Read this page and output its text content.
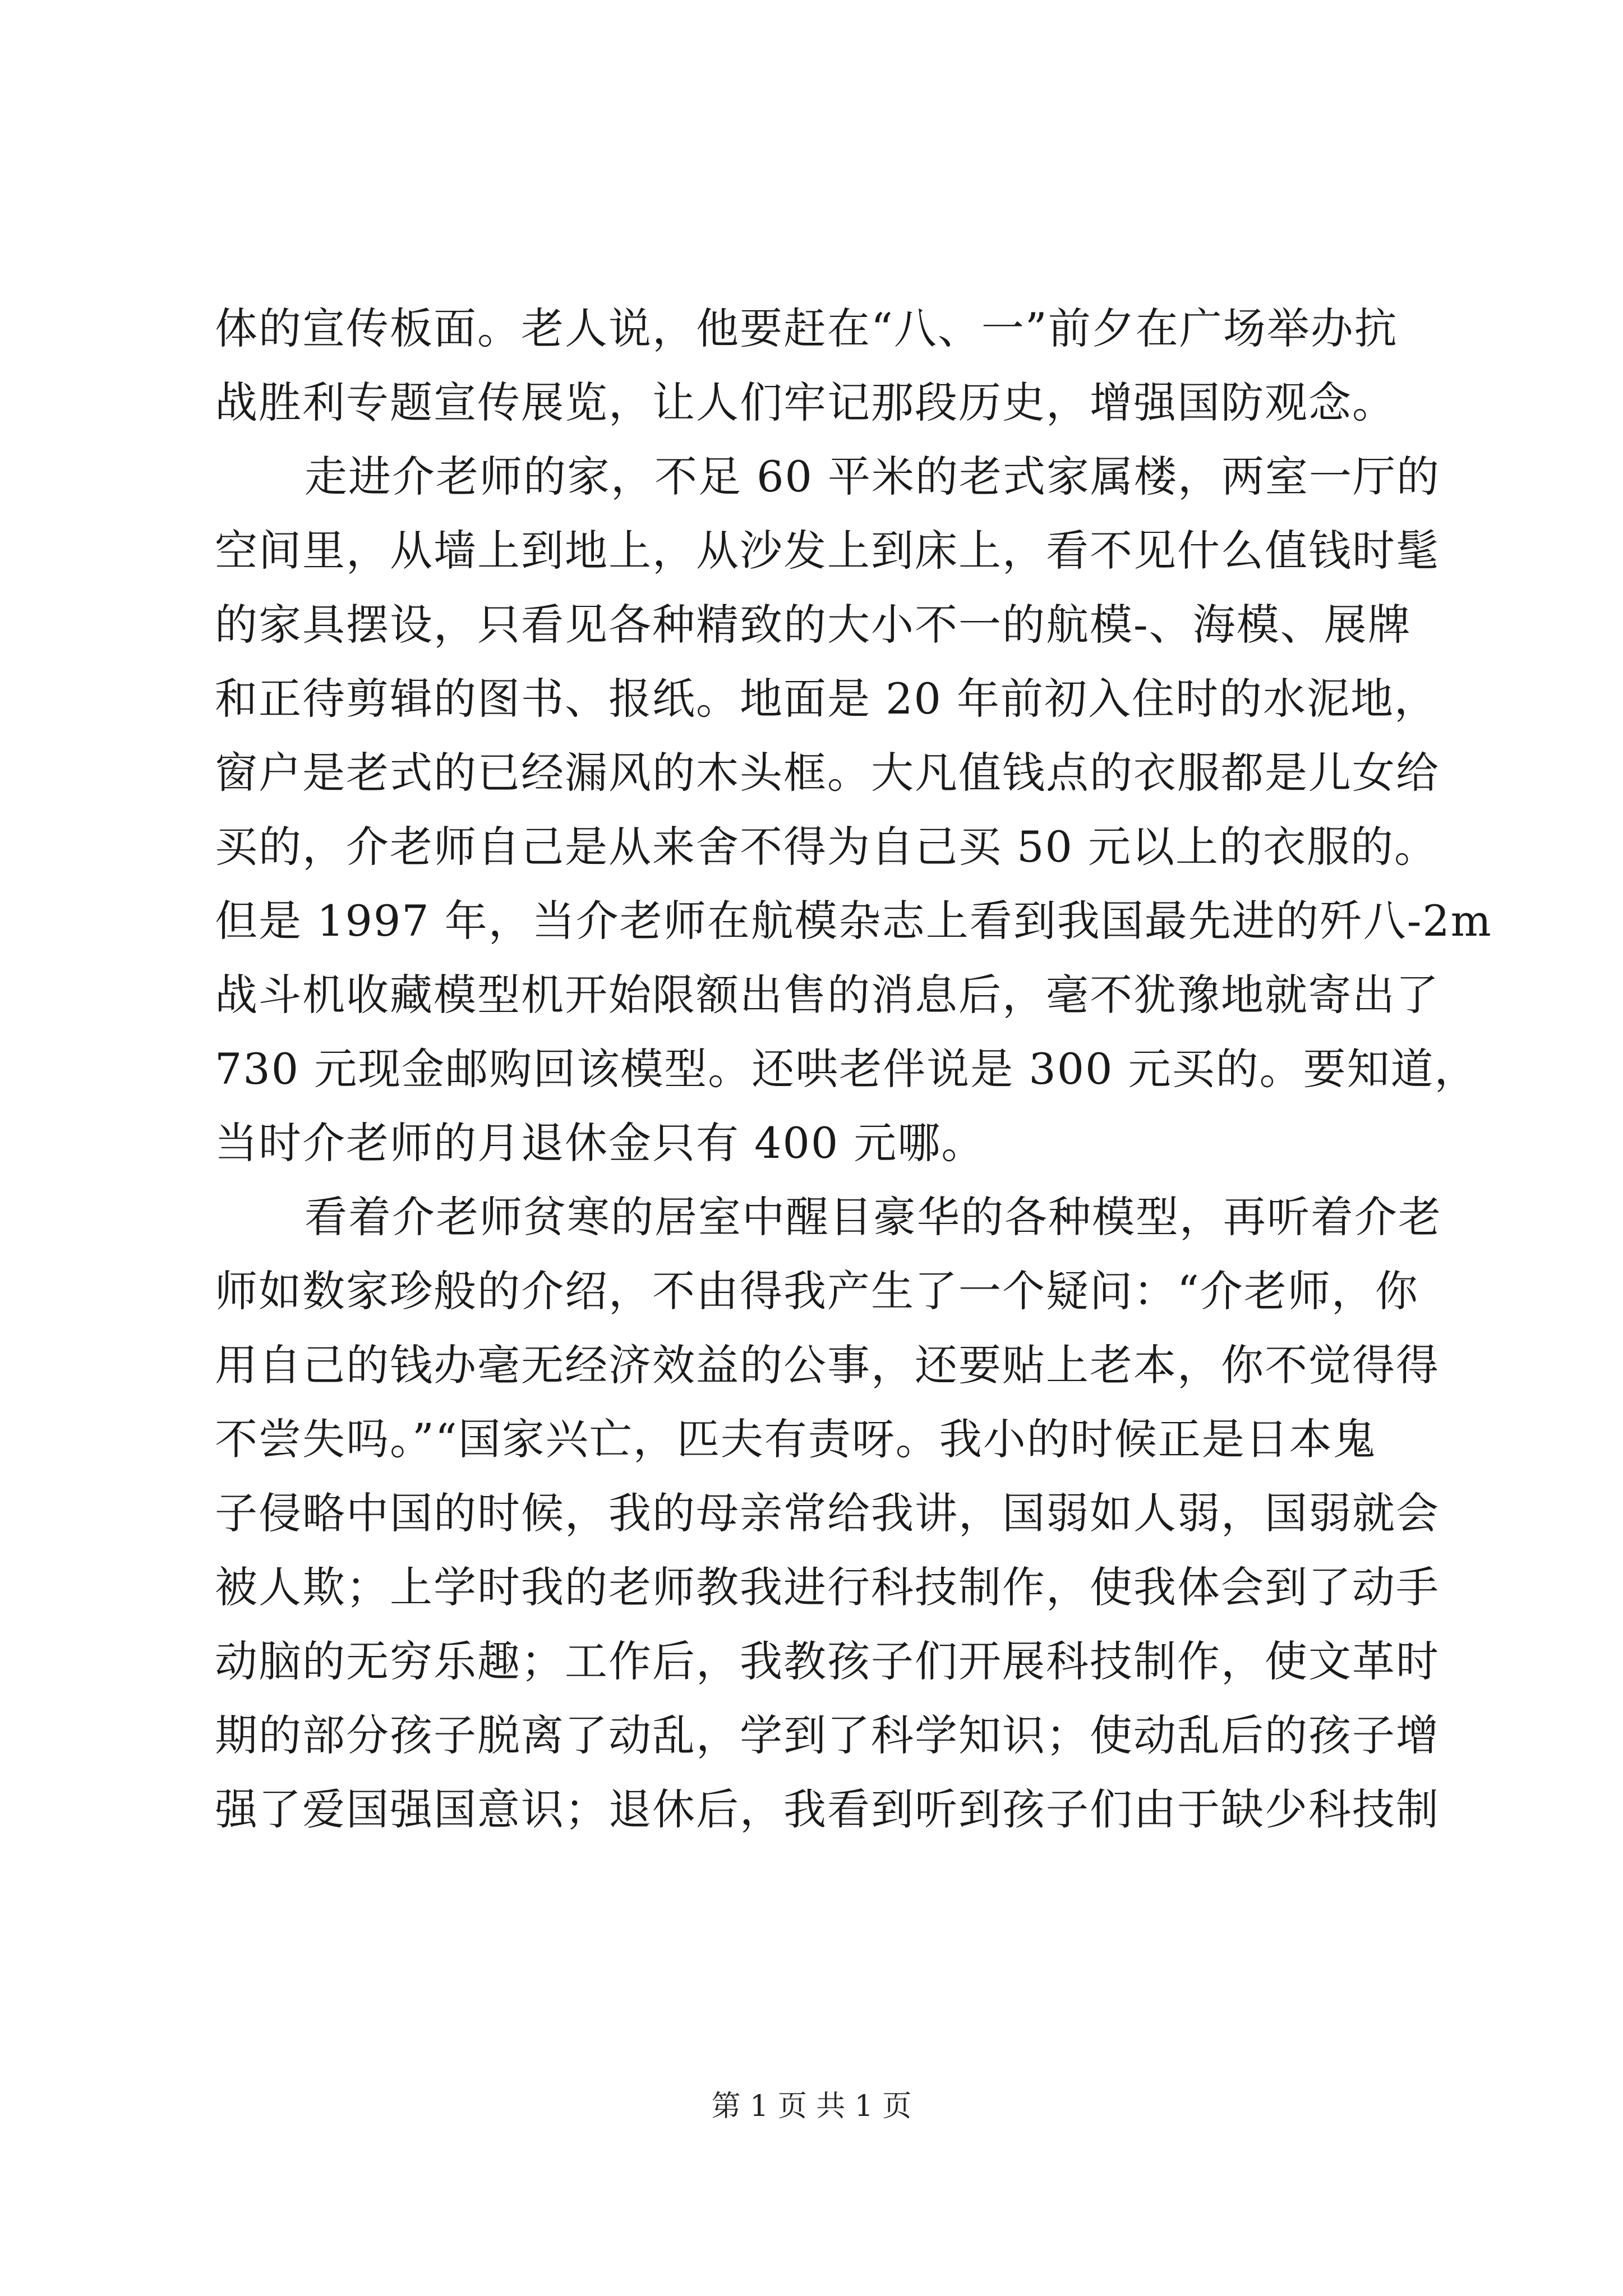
体的宣传板面。老人说，他要赶在“八、一”前夕在广场举办抗
战胜利专题宣传展览，让人们牢记那段历史，增强国防观念。

走进介老师的家，不足 60 平米的老式家属楼，两室一厅的
空间里，从墙上到地上，从沙发上到床上，看不见什么值钱时髦
的家具摆设，只看见各种精致的大小不一的航模-、海模、展牌
和正待剪辑的图书、报纸。地面是 20 年前初入住时的水泥地，
窗户是老式的已经漏风的木头框。大凡值钱点的衣服都是儿女给
买的，介老师自己是从来舍不得为自己买 50 元以上的衣服的。
但是 1997 年，当介老师在航模杂志上看到我国最先进的歼八-2m
战斗机收藏模型机开始限额出售的消息后，毫不犹豫地就寄出了
730 元现金邮购回该模型。还哄老伴说是 300 元买的。要知道，
当时介老师的月退休金只有 400 元哪。

看着介老师贫寒的居室中醒目豪华的各种模型，再听着介老
师如数家珍般的介绍，不由得我产生了一个疑问：“介老师，你
用自己的钱办毫无经济效益的公事，还要贴上老本，你不觉得得
不尝失吗。”“国家兴亡，匹夫有责呀。我小的时候正是日本鬼
子侵略中国的时候，我的母亲常给我讲，国弱如人弱，国弱就会
被人欺；上学时我的老师教我进行科技制作，使我体会到了动手
动脑的无穷乐趣；工作后，我教孩子们开展科技制作，使文革时
期的部分孩子脱离了动乱，学到了科学知识；使动乱后的孩子增
强了爱国强国意识；退休后，我看到听到孩子们由于缺少科技制

第 1 页 共 1 页
